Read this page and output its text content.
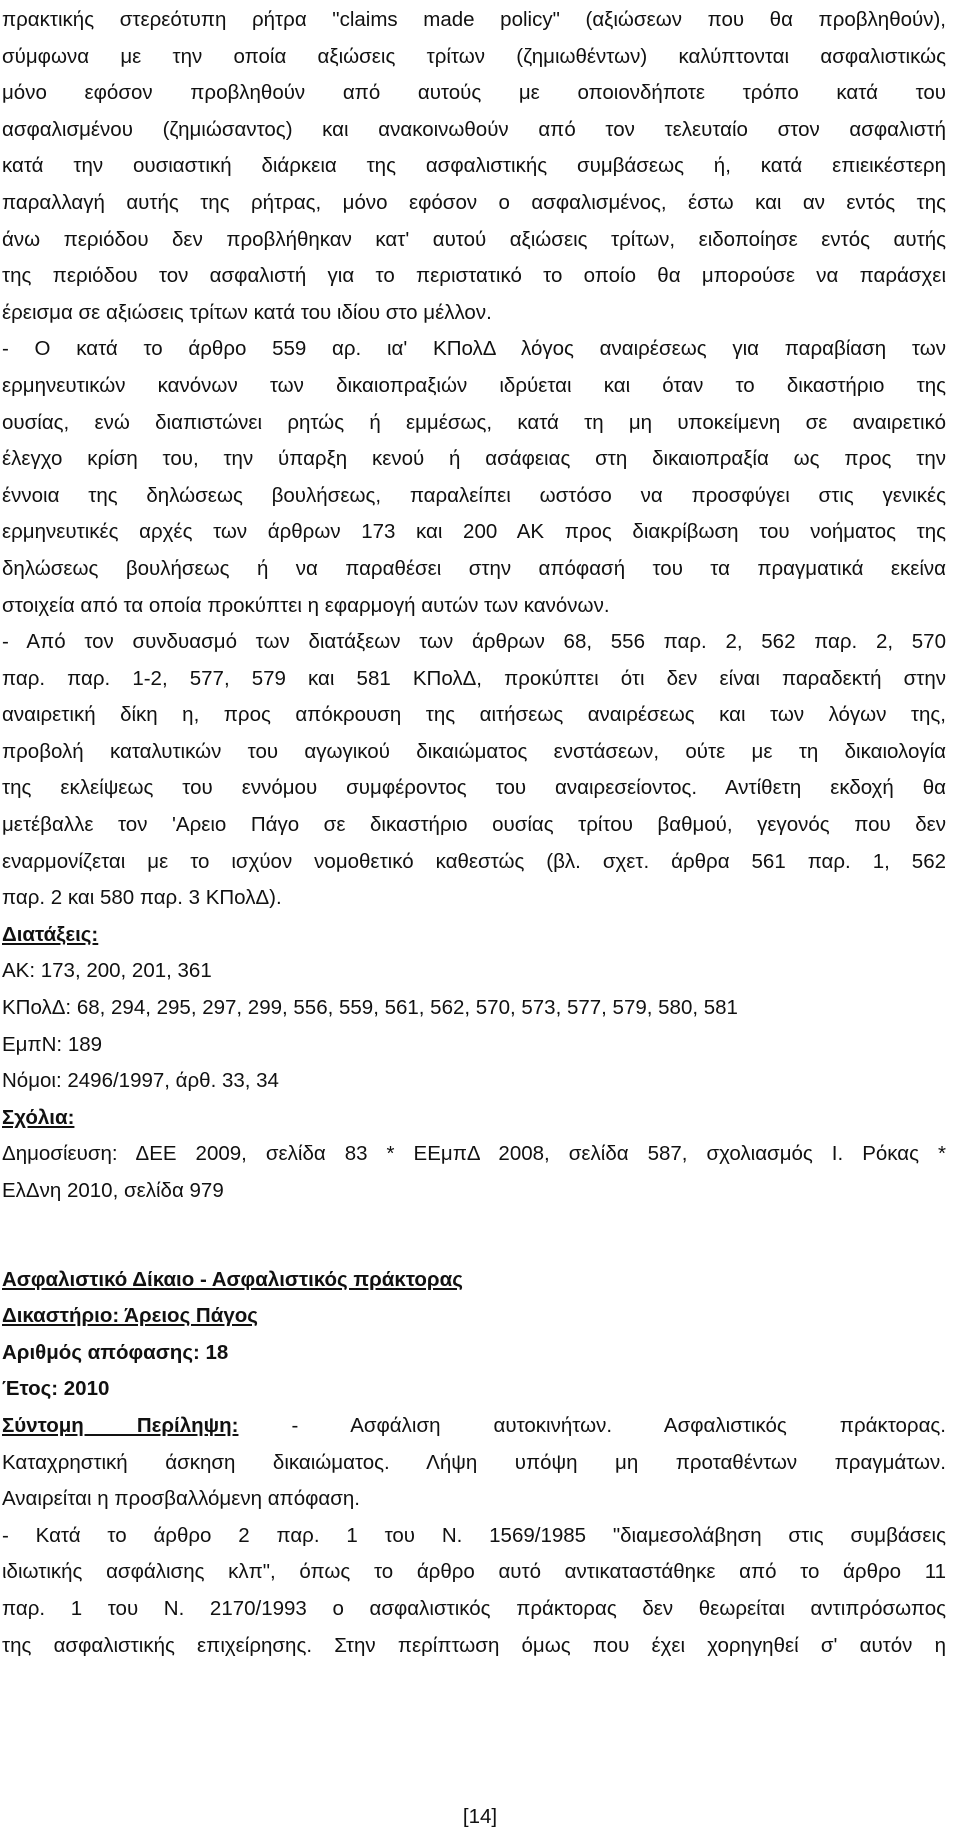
πρακτικής στερεότυπη ρήτρα "claims made policy" (αξιώσεων που θα προβληθούν),
σύμφωνα με την οποία αξιώσεις τρίτων (ζημιωθέντων) καλύπτονται ασφαλιστικώς
μόνο εφόσον προβληθούν από αυτούς με οποιονδήποτε τρόπο κατά του
ασφαλισμένου (ζημιώσαντος) και ανακοινωθούν από τον τελευταίο στον ασφαλιστή
κατά την ουσιαστική διάρκεια της ασφαλιστικής συμβάσεως ή, κατά επιεικέστερη
παραλλαγή αυτής της ρήτρας, μόνο εφόσον ο ασφαλισμένος, έστω και αν εντός της
άνω περιόδου δεν προβλήθηκαν κατ' αυτού αξιώσεις τρίτων, ειδοποίησε εντός αυτής
της περιόδου τον ασφαλιστή για το περιστατικό το οποίο θα μπορούσε να παράσχει
έρεισμα σε αξιώσεις τρίτων κατά του ιδίου στο μέλλον.
- Ο κατά το άρθρο 559 αρ. ια' ΚΠολΔ λόγος αναιρέσεως για παραβίαση των
ερμηνευτικών κανόνων των δικαιοπραξιών ιδρύεται και όταν το δικαστήριο της
ουσίας, ενώ διαπιστώνει ρητώς ή εμμέσως, κατά τη μη υποκείμενη σε αναιρετικό
έλεγχο κρίση του, την ύπαρξη κενού ή ασάφειας στη δικαιοπραξία ως προς την
έννοια της δηλώσεως βουλήσεως, παραλείπει ωστόσο να προσφύγει στις γενικές
ερμηνευτικές αρχές των άρθρων 173 και 200 ΑΚ προς διακρίβωση του νοήματος της
δηλώσεως βουλήσεως ή να παραθέσει στην απόφασή του τα πραγματικά εκείνα
στοιχεία από τα οποία προκύπτει η εφαρμογή αυτών των κανόνων.
- Από τον συνδυασμό των διατάξεων των άρθρων 68, 556 παρ. 2, 562 παρ. 2, 570
παρ. παρ. 1-2, 577, 579 και 581 ΚΠολΔ, προκύπτει ότι δεν είναι παραδεκτή στην
αναιρετική δίκη η, προς απόκρουση της αιτήσεως αναιρέσεως και των λόγων της,
προβολή καταλυτικών του αγωγικού δικαιώματος ενστάσεων, ούτε με τη δικαιολογία
της εκλείψεως του εννόμου συμφέροντος του αναιρεσείοντος. Αντίθετη εκδοχή θα
μετέβαλλε τον 'Αρειο Πάγο σε δικαστήριο ουσίας τρίτου βαθμού, γεγονός που δεν
εναρμονίζεται με το ισχύον νομοθετικό καθεστώς (βλ. σχετ. άρθρα 561 παρ. 1, 562
παρ. 2 και 580 παρ. 3 ΚΠολΔ).
Διατάξεις:
ΑΚ: 173, 200, 201, 361
ΚΠολΔ: 68, 294, 295, 297, 299, 556, 559, 561, 562, 570, 573, 577, 579, 580, 581
ΕμπΝ: 189
Νόμοι: 2496/1997, άρθ. 33, 34
Σχόλια:
Δημοσίευση: ΔΕΕ 2009, σελίδα 83 * ΕΕμπΔ 2008, σελίδα 587, σχολιασμός Ι. Ρόκας *
ΕλΔνη 2010, σελίδα 979
Ασφαλιστικό Δίκαιο - Ασφαλιστικός πράκτορας
Δικαστήριο: Άρειος Πάγος
Αριθμός απόφασης: 18
Έτος: 2010
Σύντομη Περίληψη: - Ασφάλιση αυτοκινήτων. Ασφαλιστικός πράκτορας.
Καταχρηστική άσκηση δικαιώματος. Λήψη υπόψη μη προταθέντων πραγμάτων.
Αναιρείται η προσβαλλόμενη απόφαση.
- Κατά το άρθρο 2 παρ. 1 του Ν. 1569/1985 "διαμεσολάβηση στις συμβάσεις
ιδιωτικής ασφάλισης κλπ", όπως το άρθρο αυτό αντικαταστάθηκε από το άρθρο 11
παρ. 1 του Ν. 2170/1993 ο ασφαλιστικός πράκτορας δεν θεωρείται αντιπρόσωπος
της ασφαλιστικής επιχείρησης. Στην περίπτωση όμως που έχει χορηγηθεί σ' αυτόν η
[14]
